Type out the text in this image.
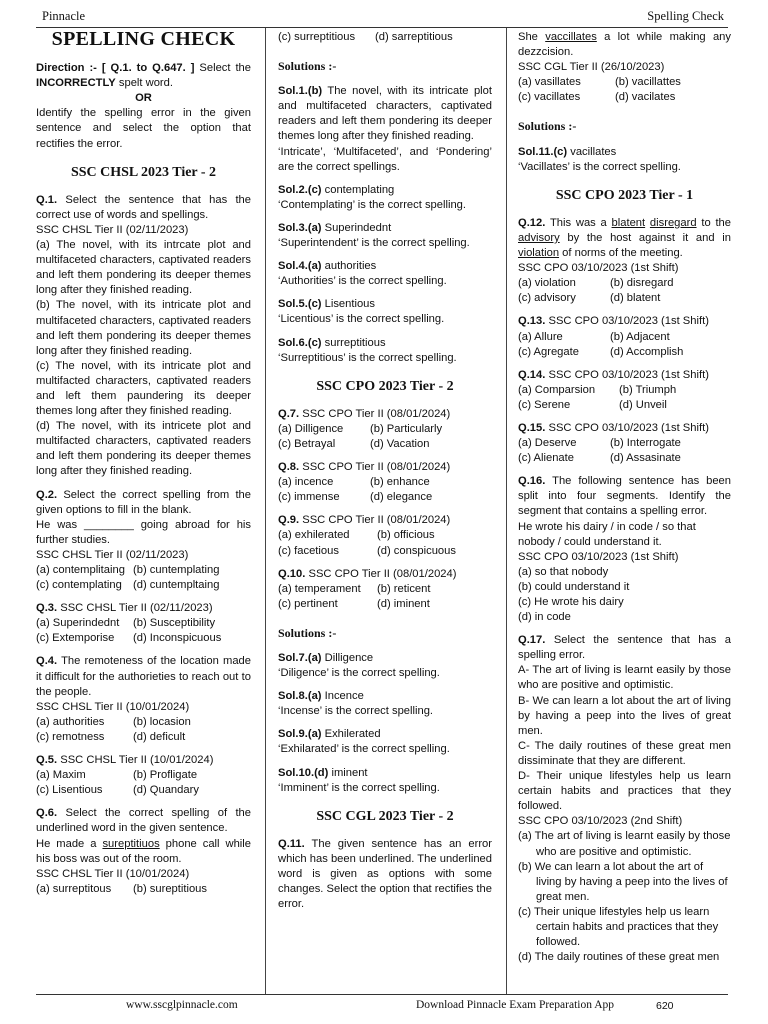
Pinnacle	Spelling Check
SPELLING CHECK

Direction :- [ Q.1. to Q.647. ] Select the INCORRECTLY spelt word.

OR

Identify the spelling error in the given sentence and select the option that rectifies the error.

SSC CHSL 2023 Tier - 2

Q.1. Select the sentence that has the correct use of words and spellings.

SSC CHSL Tier II (02/11/2023)

(a) The novel, with its intrcate plot and multifaceted characters, captivated readers and left them pondering its deeper themes long after they finished reading.

(b) The novel, with its intricate plot and multifaceted characters, captivated readers and left them pondering its deeper themes long after they finished reading.

(c) The novel, with its intricate plot and multifacted characters, captivated readers and left them paundering its deeper themes long after they finished reading.

(d) The novel, with its intricete plot and multifacted characters, captivated readers and left them pondering its deeper themes long after they finished reading.

Q.2. Select the correct spelling from the given options to fill in the blank.

He was ________ going abroad for his further studies.

SSC CHSL Tier II (02/11/2023)

(a) contemplitaing (b) cuntemplating
(c) contemplating (d) cuntempltaing

Q.3. SSC CHSL Tier II (02/11/2023)

(a) Superindednt	(b) Susceptibility
(c) Extemporise	(d) Inconspicuous

Q.4. The remoteness of the location made it difficult for the authorieties to reach out to the people.

SSC CHSL Tier II (10/01/2024)

(a) authorities	(b) locasion
(c) remotness	(d) deficult

Q.5. SSC CHSL Tier II (10/01/2024)

(a) Maxim	(b) Profligate
(c) Lisentious	(d) Quandary

Q.6. Select the correct spelling of the underlined word in the given sentence.

He made a sureptitiuos phone call while his boss was out of the room.

SSC CHSL Tier II (10/01/2024)

(a) surreptitous	(b) sureptitious
(c) surreptitious	(d) sarreptitious
Solutions :-

Sol.1.(b) The novel, with its intricate plot and multifaceted characters, captivated readers and left them pondering its deeper themes long after they finished reading.

‘Intricate’, ‘Multifaceted’, and ‘Pondering’ are the correct spellings.

Sol.2.(c) contemplating

‘Contemplating’ is the correct spelling.

Sol.3.(a) Superindednt

‘Superintendent’ is the correct spelling.

Sol.4.(a) authorities

‘Authorities’ is the correct spelling.

Sol.5.(c) Lisentious

‘Licentious’ is the correct spelling.

Sol.6.(c) surreptitious

‘Surreptitious’ is the correct spelling.

SSC CPO 2023 Tier - 2

Q.7. SSC CPO Tier II (08/01/2024)

(a) Dilligence	(b) Particularly
(c) Betrayal	(d) Vacation

Q.8. SSC CPO Tier II (08/01/2024)

(a) incence	(b) enhance
(c) immense	(d) elegance

Q.9. SSC CPO Tier II (08/01/2024)

(a) exhilerated	(b) officious
(c) facetious	(d) conspicuous

Q.10. SSC CPO Tier II (08/01/2024)

(a) temperament	(b) reticent
(c) pertinent	(d) iminent
Solutions :-

Sol.7.(a) Dilligence

‘Diligence’ is the correct spelling.

Sol.8.(a) Incence

‘Incense’ is the correct spelling.

Sol.9.(a) Exhilerated

‘Exhilarated’ is the correct spelling.

Sol.10.(d) iminent

‘Imminent’ is the correct spelling.

SSC CGL 2023 Tier - 2

Q.11. The given sentence has an error which has been underlined. The underlined word is given as options with some changes. Select the option that rectifies the error.

She vaccillates a lot while making any dezzcision.

SSC CGL Tier II (26/10/2023)

(a) vasillates	(b) vacillattes
(c) vacillates	(d) vacilates
Solutions :-

Sol.11.(c) vacillates

‘Vacillates’ is the correct spelling.

SSC CPO 2023 Tier - 1

Q.12. This was a blatent disregard to the advisory by the host against it and in violation of norms of the meeting.

SSC CPO 03/10/2023 (1st Shift)

(a) violation	(b) disregard
(c) advisory	(d) blatent

Q.13. SSC CPO 03/10/2023 (1st Shift)

(a) Allure	(b) Adjacent
(c) Agregate	(d) Accomplish

Q.14. SSC CPO 03/10/2023 (1st Shift)

(a) Comparsion	(b) Triumph
(c) Serene	(d) Unveil

Q.15. SSC CPO 03/10/2023 (1st Shift)

(a) Deserve	(b) Interrogate
(c) Alienate	(d) Assasinate

Q.16. The following sentence has been split into four segments. Identify the segment that contains a spelling error.

He wrote his dairy / in code / so that nobody / could understand it.

SSC CPO 03/10/2023 (1st Shift)

(a) so that nobody

(b) could understand it

(c) He wrote his dairy

(d) in code

Q.17. Select the sentence that has a spelling error.

A- The art of living is learnt easily by those who are positive and optimistic.

B- We can learn a lot about the art of living by having a peep into the lives of great men.

C- The daily routines of these great men dissiminate that they are different.

D- Their unique lifestyles help us learn certain habits and practices that they followed.

SSC CPO 03/10/2023 (2nd Shift)

(a) The art of living is learnt easily by those who are positive and optimistic.

(b) We can learn a lot about the art of living by having a peep into the lives of great men.

(c) Their unique lifestyles help us learn certain habits and practices that they followed.

(d) The daily routines of these great men

www.sscglpinnacle.com	Download Pinnacle Exam Preparation App	620
